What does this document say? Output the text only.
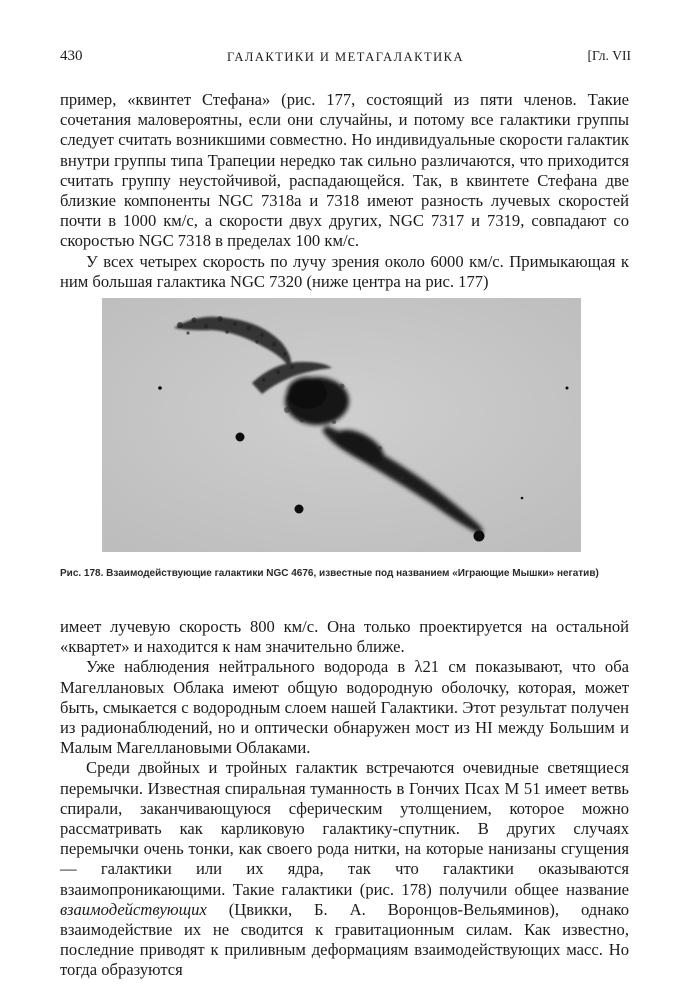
430	ГАЛАКТИКИ И МЕТАГАЛАКТИКА	[Гл. VII

пример, «квинтет Стефана» (рис. 177, состоящий из пяти членов. Такие сочетания маловероятны, если они случайны, и потому все галактики группы следует считать возникшими совместно. Но индивидуальные скорости галактик внутри группы типа Трапеции нередко так сильно различаются, что приходится считать группу неустойчивой, распадающейся. Так, в квинтете Стефана две близкие компоненты NGC 7318а и 7318 имеют разность лучевых скоростей почти в 1000 км/с, а скорости двух других, NGC 7317 и 7319, совпадают со скоростью NGC 7318 в пределах 100 км/с.

У всех четырех скорость по лучу зрения около 6000 км/с. Примыкающая к ним большая галактика NGC 7320 (ниже центра на рис. 177)

Рис. 178. Взаимодействующие галактики NGC 4676, известные под названием «Играющие Мышки» негатив)

имеет лучевую скорость 800 км/с. Она только проектируется на остальной «квартет» и находится к нам значительно ближе.

Уже наблюдения нейтрального водорода в λ21 см показывают, что оба Магеллановых Облака имеют общую водородную оболочку, которая, может быть, смыкается с водородным слоем нашей Галактики. Этот результат получен из радионаблюдений, но и оптически обнаружен мост из HI между Большим и Малым Магеллановыми Облаками.

Среди двойных и тройных галактик встречаются очевидные светящиеся перемычки. Известная спиральная туманность в Гончих Псах М 51 имеет ветвь спирали, заканчивающуюся сферическим утолщением, которое можно рассматривать как карликовую галактику-спутник. В других случаях перемычки очень тонки, как своего рода нитки, на которые нанизаны сгущения — галактики или их ядра, так что галактики оказываются взаимопроникающими. Такие галактики (рис. 178) получили общее название взаимодействующих (Цвикки, Б. А. Воронцов-Вельяминов), однако взаимодействие их не сводится к гравитационным силам. Как известно, последние приводят к приливным деформациям взаимодействующих масс. Но тогда образуются
